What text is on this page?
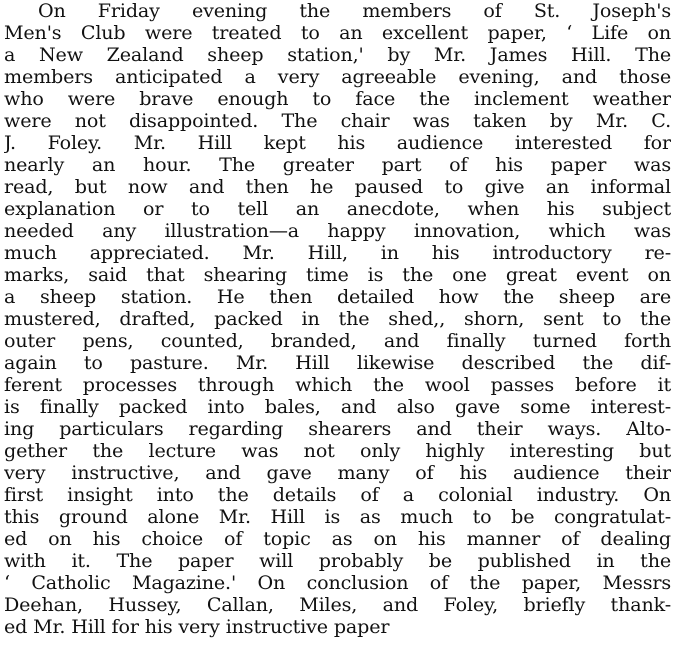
On Friday evening the members of St. Joseph's
Men's Club were treated to an excellent paper, ‘ Life on
a New Zealand sheep station,' by Mr. James Hill. The
members anticipated a very agreeable evening, and those
who were brave enough to face the inclement weather
were not disappointed. The chair was taken by Mr. C.
J. Foley. Mr. Hill kept his audience interested for
nearly an hour. The greater part of his paper was
read, but now and then he paused to give an informal
explanation or to tell an anecdote, when his subject
needed any illustration—a happy innovation, which was
much appreciated. Mr. Hill, in his introductory re-
marks, said that shearing time is the one great event on
a sheep station. He then detailed how the sheep are
mustered, drafted, packed in the shed,, shorn, sent to the
outer pens, counted, branded, and finally turned forth
again to pasture. Mr. Hill likewise described the dif-
ferent processes through which the wool passes before it
is finally packed into bales, and also gave some interest-
ing particulars regarding shearers and their ways. Alto-
gether the lecture was not only highly interesting but
very instructive, and gave many of his audience their
first insight into the details of a colonial industry. On
this ground alone Mr. Hill is as much to be congratulat-
ed on his choice of topic as on his manner of dealing
with it. The paper will probably be published in the
‘ Catholic Magazine.' On conclusion of the paper, Messrs
Deehan, Hussey, Callan, Miles, and Foley, briefly thank-
ed Mr. Hill for his very instructive paper
